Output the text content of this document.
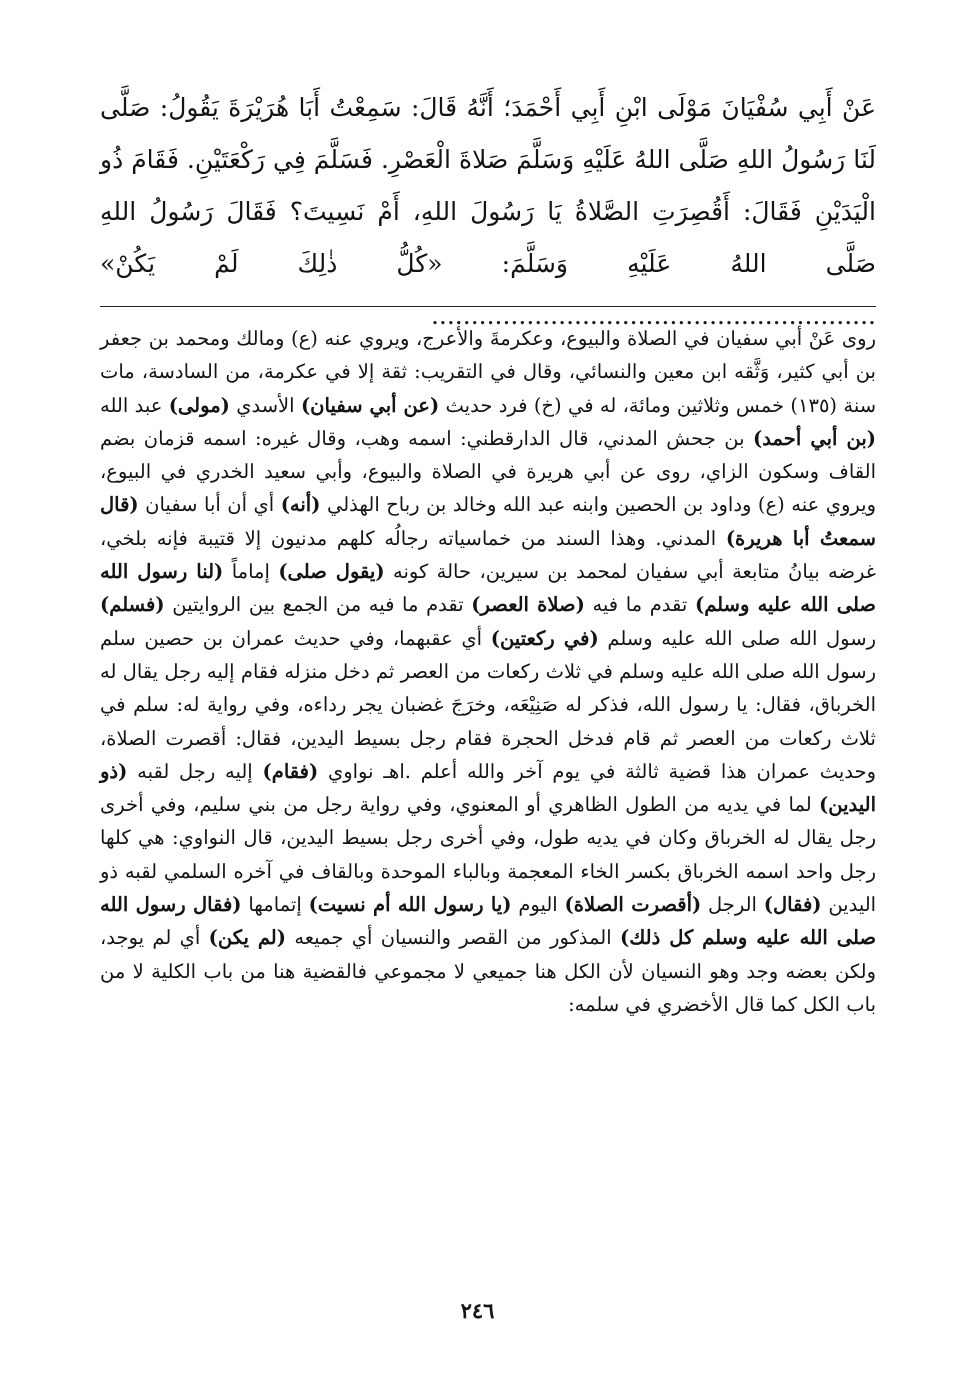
عَنْ أَبِي سُفْيَانَ مَوْلَى ابْنِ أَبِي أَحْمَدَ؛ أَنَّهُ قَالَ: سَمِعْتُ أَبَا هُرَيْرَةَ يَقُولُ: صَلَّى لَنَا رَسُولُ اللهِ صَلَّى اللهُ عَلَيْهِ وَسَلَّمَ صَلاةَ الْعَصْرِ. فَسَلَّمَ فِي رَكْعَتَيْنِ. فَقَامَ ذُو الْيَدَيْنِ فَقَالَ: أَقُصِرَتِ الصَّلاةُ يَا رَسُولَ اللهِ، أَمْ نَسِيتَ؟ فَقَالَ رَسُولُ اللهِ صَلَّى اللهُ عَلَيْهِ وَسَلَّمَ: «كُلُّ ذٰلِكَ لَمْ يَكُنْ» ........................................................

روى عَنْ أبي سفيان في الصلاة والبيوع، وعكرمةَ والأعرج، ويروي عنه (ع) ومالك ومحمد بن جعفر بن أبي كثير، وَثَّقه ابن معين والنسائي، وقال في التقريب: ثقة إلا في عكرمة، من السادسة، مات سنة (١٣٥) خمس وثلاثين ومائة، له في (خ) فرد حديث (عن أبي سفيان) الأسدي (مولى) عبد الله (بن أبي أحمد) بن جحش المدني، قال الدارقطني: اسمه وهب، وقال غيره: اسمه قزمان بضم القاف وسكون الزاي، روى عن أبي هريرة في الصلاة والبيوع، وأبي سعيد الخدري في البيوع، ويروي عنه (ع) وداود بن الحصين وابنه عبد الله وخالد بن رباح الهذلي (أنه) أي أن أبا سفيان (قال سمعتُ أبا هريرة) المدني. وهذا السند من خماسياته رجالُه كلهم مدنيون إلا قتيبة فإنه بلخي، غرضه بيانُ متابعة أبي سفيان لمحمد بن سيرين، حالة كونه (يقول صلى) إماماً (لنا رسول الله صلى الله عليه وسلم) تقدم ما فيه (صلاة العصر) تقدم ما فيه من الجمع بين الروايتين (فسلم) رسول الله صلى الله عليه وسلم (في ركعتين) أي عقبهما، وفي حديث عمران بن حصين سلم رسول الله صلى الله عليه وسلم في ثلاث ركعات من العصر ثم دخل منزله فقام إليه رجل يقال له الخرباق، فقال: يا رسول الله، فذكر له صَنِيْعَه، وخرَجَ غضبان يجر رداءه، وفي رواية له: سلم في ثلاث ركعات من العصر ثم قام فدخل الحجرة فقام رجل بسيط اليدين، فقال: أقصرت الصلاة، وحديث عمران هذا قضية ثالثة في يوم آخر والله أعلم .اهـ نواوي (فقام) إليه رجل لقبه (ذو اليدين) لما في يديه من الطول الظاهري أو المعنوي، وفي رواية رجل من بني سليم، وفي أخرى رجل يقال له الخرباق وكان في يديه طول، وفي أخرى رجل بسيط اليدين، قال النواوي: هي كلها رجل واحد اسمه الخرباق بكسر الخاء المعجمة وبالباء الموحدة وبالقاف في آخره السلمي لقبه ذو اليدين (فقال) الرجل (أقصرت الصلاة) اليوم (يا رسول الله أم نسيت) إتمامها (فقال رسول الله صلى الله عليه وسلم كل ذلك) المذكور من القصر والنسيان أي جميعه (لم يكن) أي لم يوجد، ولكن بعضه وجد وهو النسيان لأن الكل هنا جميعي لا مجموعي فالقضية هنا من باب الكلية لا من باب الكل كما قال الأخضري في سلمه:

٢٤٦
